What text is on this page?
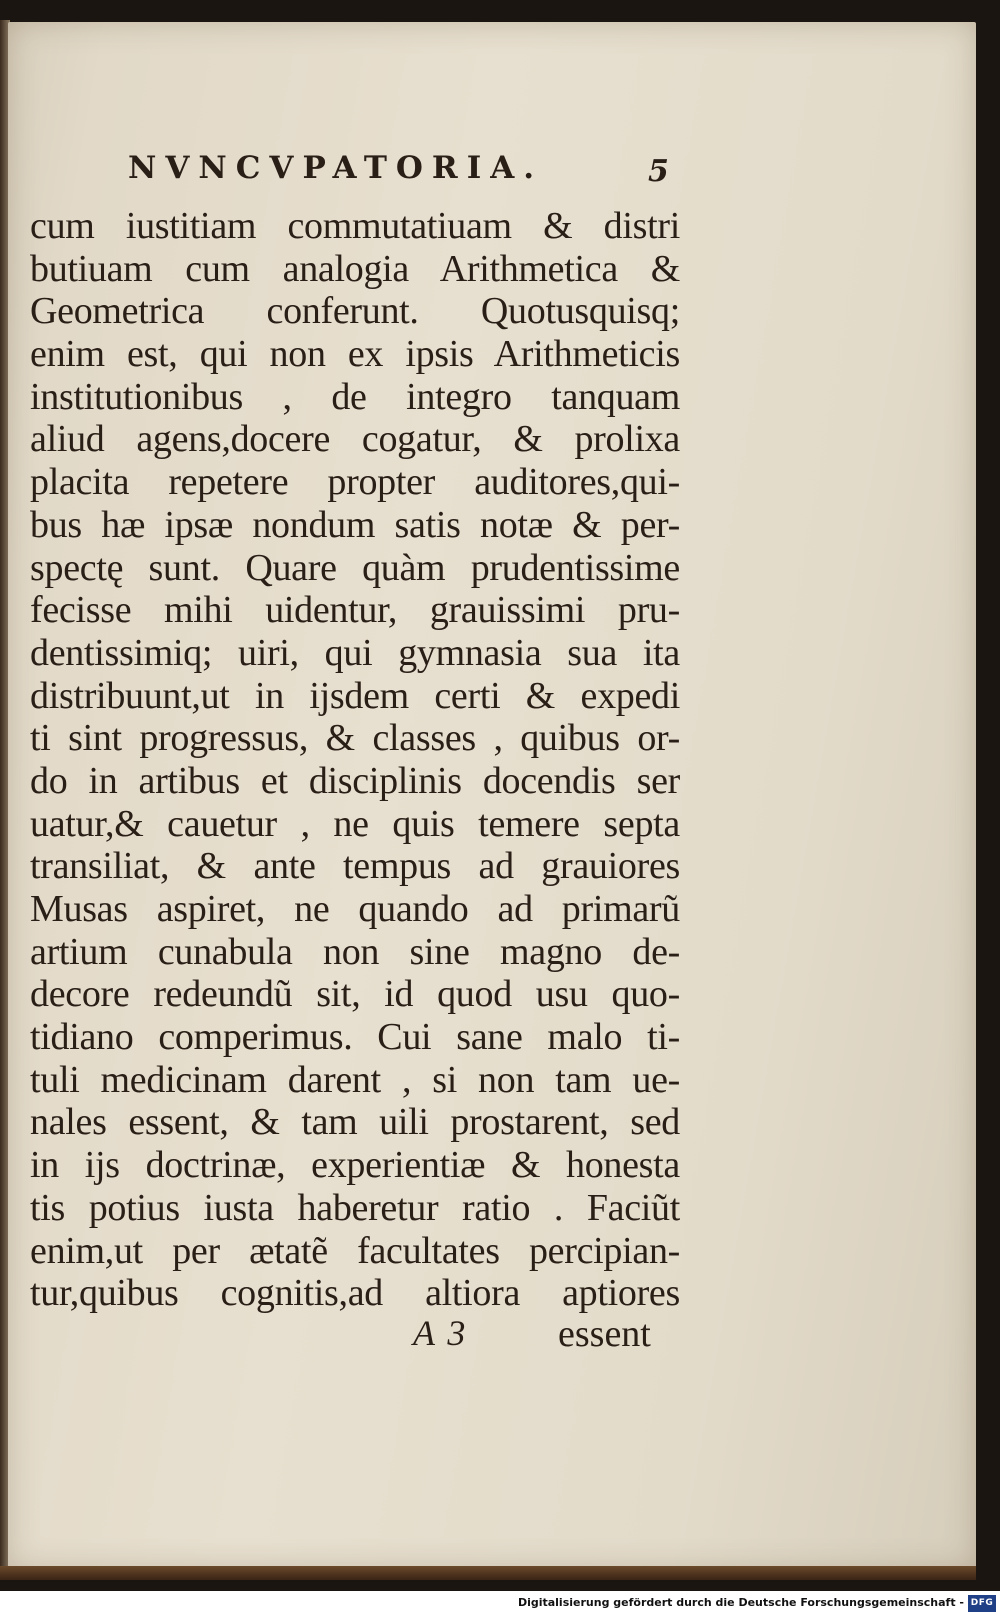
NVNCVPATORIA.	5
cum iustitiam commutatiuam & distri
butiuam cum analogia Arithmetica &
Geometrica conferunt. Quotusquisq;
enim est, qui non ex ipsis Arithmeticis
institutionibus , de integro tanquam
aliud agens,docere cogatur, & prolixa
placita repetere propter auditores,qui-
bus hæ ipsæ nondum satis notæ & per-
spectę sunt. Quare quàm prudentissime
fecisse mihi uidentur, grauissimi pru-
dentissimiq; uiri, qui gymnasia sua ita
distribuunt,ut in ijsdem certi & expedi
ti sint progressus, & classes , quibus or-
do in artibus et disciplinis docendis ser
uatur,& cauetur , ne quis temere septa
transiliat, & ante tempus ad grauiores
Musas aspiret, ne quando ad primarũ
artium cunabula non sine magno de-
decore redeundũ sit, id quod usu quo-
tidiano comperimus. Cui sane malo ti-
tuli medicinam darent , si non tam ue-
nales essent, & tam uili prostarent, sed
in ijs doctrinæ, experientiæ & honesta
tis potius iusta haberetur ratio . Faciũt
enim,ut per ætatẽ facultates percipian-
tur,quibus cognitis,ad altiora aptiores
A 3 essent
Digitalisierung gefördert durch die Deutsche Forschungsgemeinschaft - DFG
